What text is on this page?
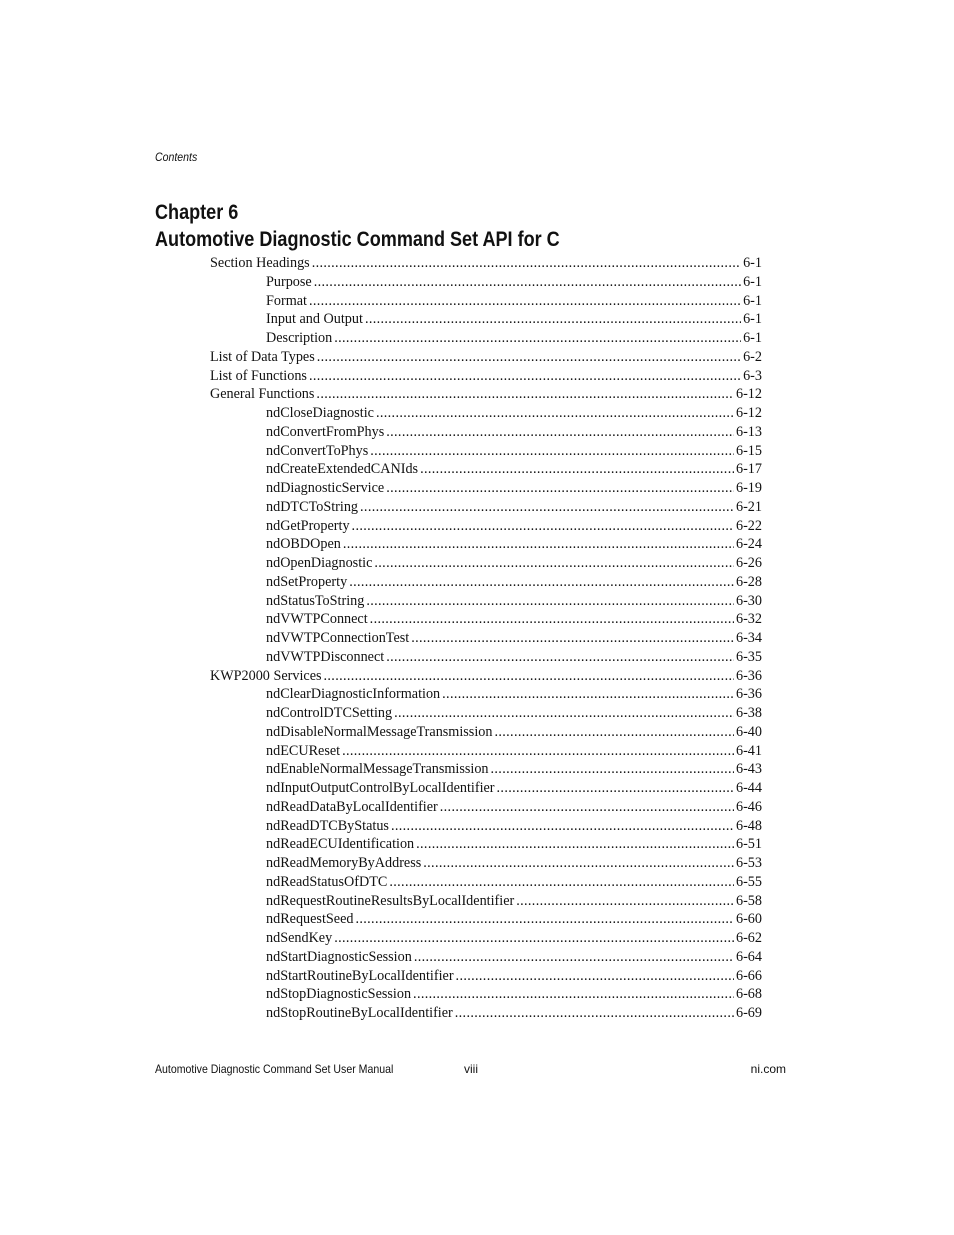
Contents
Chapter 6
Automotive Diagnostic Command Set API for C
Section Headings . . .	6-1
Purpose . . .	6-1
Format . . .	6-1
Input and Output . . .	6-1
Description . . .	6-1
List of Data Types . . .	6-2
List of Functions . . .	6-3
General Functions . . .	6-12
ndCloseDiagnostic . . .	6-12
ndConvertFromPhys . . .	6-13
ndConvertToPhys . . .	6-15
ndCreateExtendedCANIds . . .	6-17
ndDiagnosticService . . .	6-19
ndDTCToString . . .	6-21
ndGetProperty . . .	6-22
ndOBDOpen . . .	6-24
ndOpenDiagnostic . . .	6-26
ndSetProperty . . .	6-28
ndStatusToString . . .	6-30
ndVWTPConnect . . .	6-32
ndVWTPConnectionTest . . .	6-34
ndVWTPDisconnect . . .	6-35
KWP2000 Services . . .	6-36
ndClearDiagnosticInformation . . .	6-36
ndControlDTCSetting . . .	6-38
ndDisableNormalMessageTransmission . . .	6-40
ndECUReset . . .	6-41
ndEnableNormalMessageTransmission . . .	6-43
ndInputOutputControlByLocalIdentifier . . .	6-44
ndReadDataByLocalIdentifier . . .	6-46
ndReadDTCByStatus . . .	6-48
ndReadECUIdentification . . .	6-51
ndReadMemoryByAddress . . .	6-53
ndReadStatusOfDTC . . .	6-55
ndRequestRoutineResultsByLocalIdentifier . . .	6-58
ndRequestSeed . . .	6-60
ndSendKey . . .	6-62
ndStartDiagnosticSession . . .	6-64
ndStartRoutineByLocalIdentifier . . .	6-66
ndStopDiagnosticSession . . .	6-68
ndStopRoutineByLocalIdentifier . . .	6-69
Automotive Diagnostic Command Set User Manual	viii	ni.com
